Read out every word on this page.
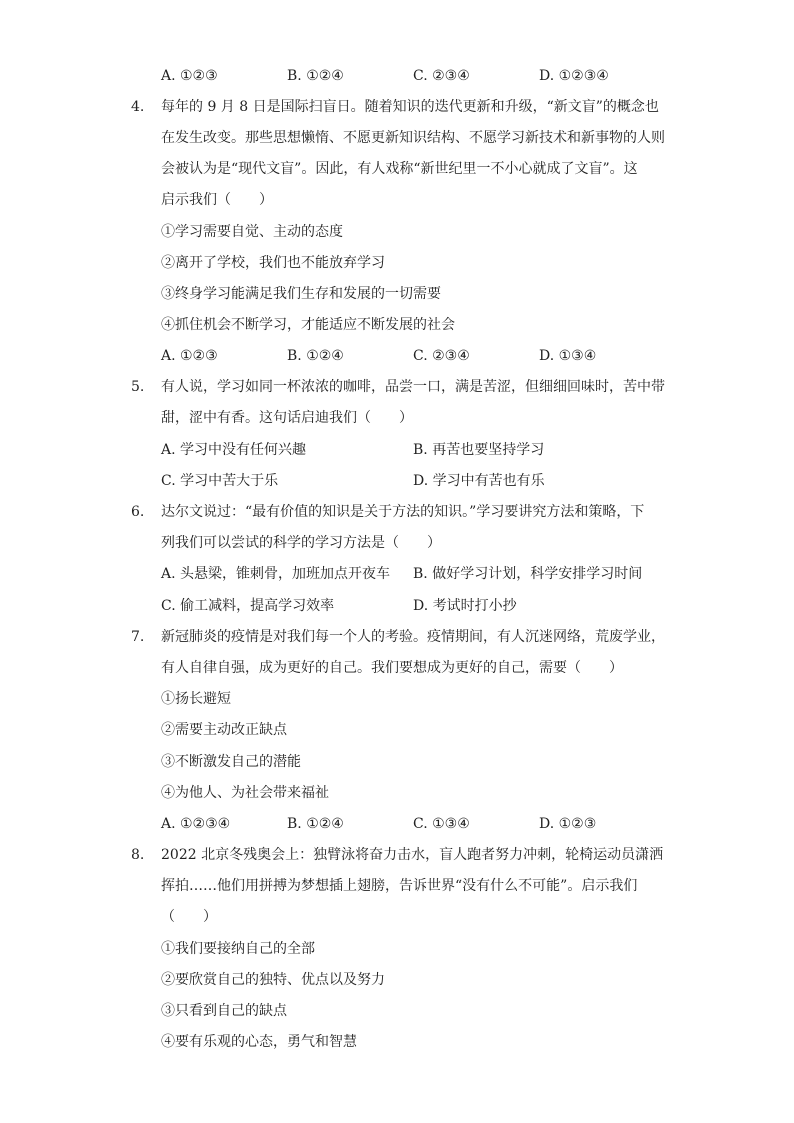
A. ①②③	B. ①②④	C. ②③④	D. ①②③④
4. 每年的 9 月 8 日是国际扫盲日。随着知识的迭代更新和升级，“新文盲”的概念也
在发生改变。那些思想懒惰、不愿更新知识结构、不愿学习新技术和新事物的人则
会被认为是“现代文盲”。因此，有人戏称“新世纪里一不小心就成了文盲”。这
启示我们（　　）
①学习需要自觉、主动的态度
②离开了学校，我们也不能放弃学习
③终身学习能满足我们生存和发展的一切需要
④抓住机会不断学习，才能适应不断发展的社会
A. ①②③	B. ①②④	C. ②③④	D. ①③④
5. 有人说，学习如同一杯浓浓的咖啡，品尝一口，满是苦涩，但细细回味时，苦中带
甜，涩中有香。这句话启迪我们（　　）
A. 学习中没有任何兴趣	B. 再苦也要坚持学习
C. 学习中苦大于乐	D. 学习中有苦也有乐
6. 达尔文说过：“最有价值的知识是关于方法的知识。”学习要讲究方法和策略，下
列我们可以尝试的科学的学习方法是（　　）
A. 头悬梁，锥刺骨，加班加点开夜车 B. 做好学习计划，科学安排学习时间
C. 偷工减料，提高学习效率	D. 考试时打小抄
7. 新冠肺炎的疫情是对我们每一个人的考验。疫情期间，有人沉迷网络，荒废学业，
有人自律自强，成为更好的自己。我们要想成为更好的自己，需要（　　）
①扬长避短
②需要主动改正缺点
③不断激发自己的潜能
④为他人、为社会带来福祉
A. ①②③④	B. ①②④	C. ①③④	D. ①②③
8. 2022 北京冬残奥会上：独臂泳将奋力击水，盲人跑者努力冲刺，轮椅运动员潇洒
挥拍……他们用拼搏为梦想插上翅膀，告诉世界“没有什么不可能”。启示我们
（　　）
①我们要接纳自己的全部
②要欣赏自己的独特、优点以及努力
③只看到自己的缺点
④要有乐观的心态，勇气和智慧
